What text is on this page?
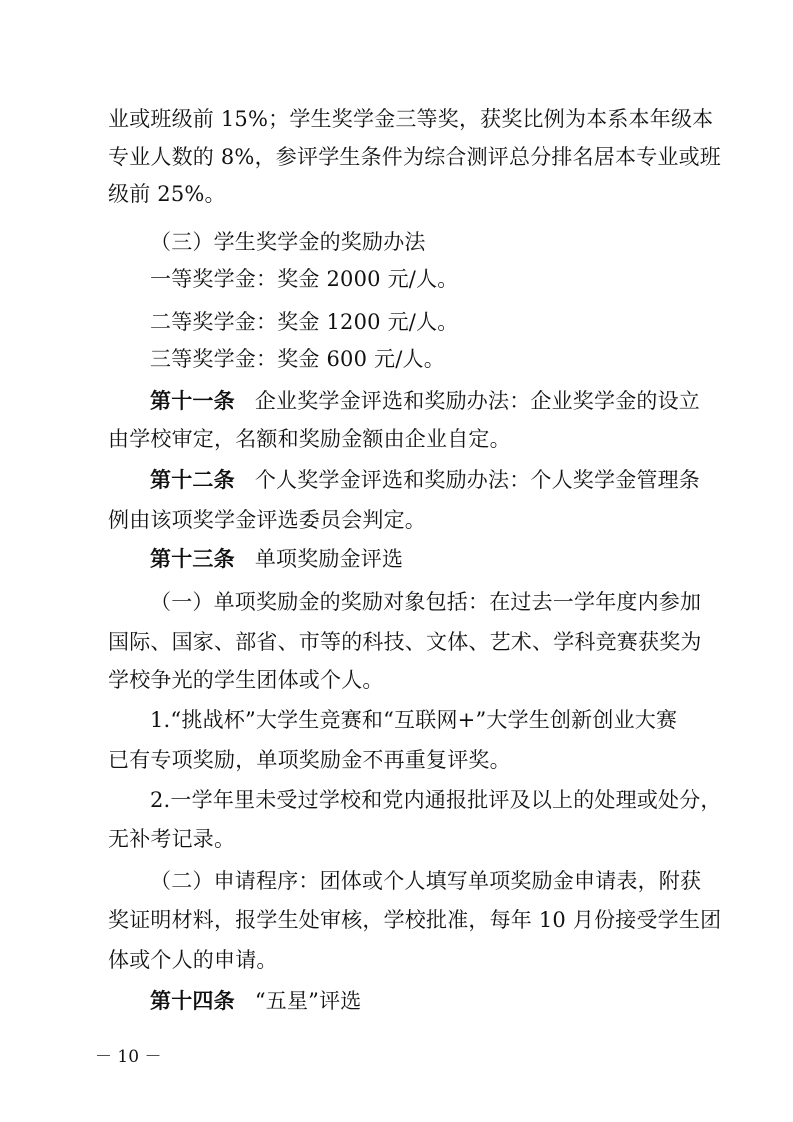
业或班级前 15%；学生奖学金三等奖，获奖比例为本系本年级本
专业人数的 8%，参评学生条件为综合测评总分排名居本专业或班
级前 25%。
（三）学生奖学金的奖励办法
一等奖学金：奖金 2000 元/人。
二等奖学金：奖金 1200 元/人。
三等奖学金：奖金 600 元/人。
第十一条 企业奖学金评选和奖励办法：企业奖学金的设立
由学校审定，名额和奖励金额由企业自定。
第十二条 个人奖学金评选和奖励办法：个人奖学金管理条
例由该项奖学金评选委员会判定。
第十三条 单项奖励金评选
（一）单项奖励金的奖励对象包括：在过去一学年度内参加
国际、国家、部省、市等的科技、文体、艺术、学科竞赛获奖为
学校争光的学生团体或个人。
1.“挑战杯”大学生竞赛和“互联网+”大学生创新创业大赛
已有专项奖励，单项奖励金不再重复评奖。
2.一学年里未受过学校和党内通报批评及以上的处理或处分，
无补考记录。
（二）申请程序：团体或个人填写单项奖励金申请表，附获
奖证明材料，报学生处审核，学校批准，每年 10 月份接受学生团
体或个人的申请。
第十四条 “五星”评选
－ 10 －
